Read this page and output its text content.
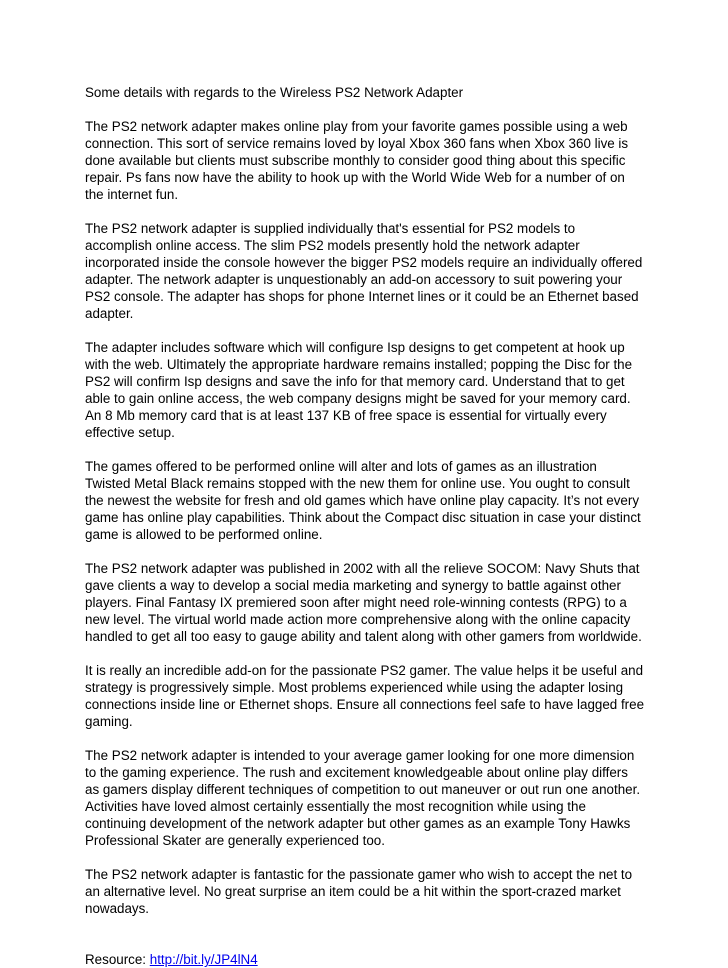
Some details with regards to the Wireless PS2 Network Adapter

The PS2 network adapter makes online play from your favorite games possible using a web connection. This sort of service remains loved by loyal Xbox 360 fans when Xbox 360 live is done available but clients must subscribe monthly to consider good thing about this specific repair. Ps fans now have the ability to hook up with the World Wide Web for a number of on the internet fun.

The PS2 network adapter is supplied individually that's essential for PS2 models to accomplish online access. The slim PS2 models presently hold the network adapter incorporated inside the console however the bigger PS2 models require an individually offered adapter. The network adapter is unquestionably an add-on accessory to suit powering your PS2 console. The adapter has shops for phone Internet lines or it could be an Ethernet based adapter.

The adapter includes software which will configure Isp designs to get competent at hook up with the web. Ultimately the appropriate hardware remains installed; popping the Disc for the PS2 will confirm Isp designs and save the info for that memory card. Understand that to get able to gain online access, the web company designs might be saved for your memory card. An 8 Mb memory card that is at least 137 KB of free space is essential for virtually every effective setup.

The games offered to be performed online will alter and lots of games as an illustration Twisted Metal Black remains stopped with the new them for online use. You ought to consult the newest the website for fresh and old games which have online play capacity. It’s not every game has online play capabilities. Think about the Compact disc situation in case your distinct game is allowed to be performed online.

The PS2 network adapter was published in 2002 with all the relieve SOCOM: Navy Shuts that gave clients a way to develop a social media marketing and synergy to battle against other players. Final Fantasy IX premiered soon after might need role-winning contests (RPG) to a new level. The virtual world made action more comprehensive along with the online capacity handled to get all too easy to gauge ability and talent along with other gamers from worldwide.

It is really an incredible add-on for the passionate PS2 gamer. The value helps it be useful and strategy is progressively simple. Most problems experienced while using the adapter losing connections inside line or Ethernet shops. Ensure all connections feel safe to have lagged free gaming.

The PS2 network adapter is intended to your average gamer looking for one more dimension to the gaming experience. The rush and excitement knowledgeable about online play differs as gamers display different techniques of competition to out maneuver or out run one another. Activities have loved almost certainly essentially the most recognition while using the continuing development of the network adapter but other games as an example Tony Hawks Professional Skater are generally experienced too.

The PS2 network adapter is fantastic for the passionate gamer who wish to accept the net to an alternative level. No great surprise an item could be a hit within the sport-crazed market nowadays.

Resource: http://bit.ly/JP4lN4
